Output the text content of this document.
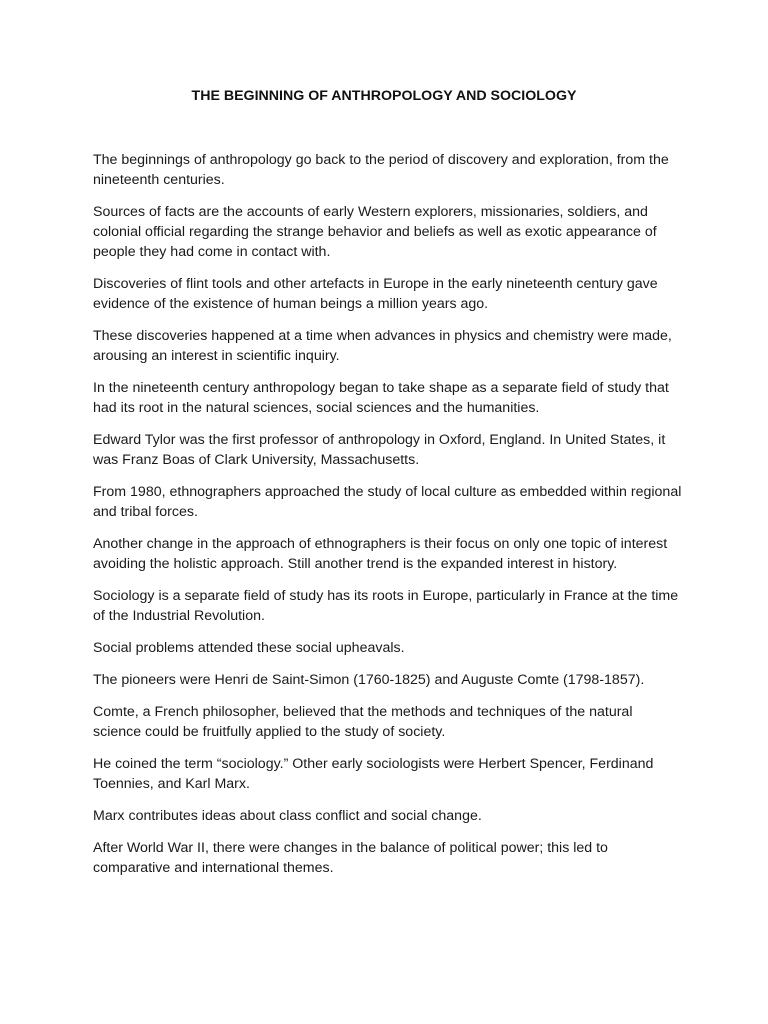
THE BEGINNING OF ANTHROPOLOGY AND SOCIOLOGY

The beginnings of anthropology go back to the period of discovery and exploration, from the nineteenth centuries.

Sources of facts are the accounts of early Western explorers, missionaries, soldiers, and colonial official regarding the strange behavior and beliefs as well as exotic appearance of people they had come in contact with.

Discoveries of flint tools and other artefacts in Europe in the early nineteenth century gave evidence of the existence of human beings a million years ago.

These discoveries happened at a time when advances in physics and chemistry were made, arousing an interest in scientific inquiry.

In the nineteenth century anthropology began to take shape as a separate field of study that had its root in the natural sciences, social sciences and the humanities.

Edward Tylor was the first professor of anthropology in Oxford, England. In United States, it was Franz Boas of Clark University, Massachusetts.

From 1980, ethnographers approached the study of local culture as embedded within regional and tribal forces.

Another change in the approach of ethnographers is their focus on only one topic of interest avoiding the holistic approach. Still another trend is the expanded interest in history.

Sociology is a separate field of study has its roots in Europe, particularly in France at the time of the Industrial Revolution.

Social problems attended these social upheavals.

The pioneers were Henri de Saint-Simon (1760-1825) and Auguste Comte (1798-1857).

Comte, a French philosopher, believed that the methods and techniques of the natural science could be fruitfully applied to the study of society.

He coined the term “sociology.” Other early sociologists were Herbert Spencer, Ferdinand Toennies, and Karl Marx.

Marx contributes ideas about class conflict and social change.

After World War II, there were changes in the balance of political power; this led to comparative and international themes.
